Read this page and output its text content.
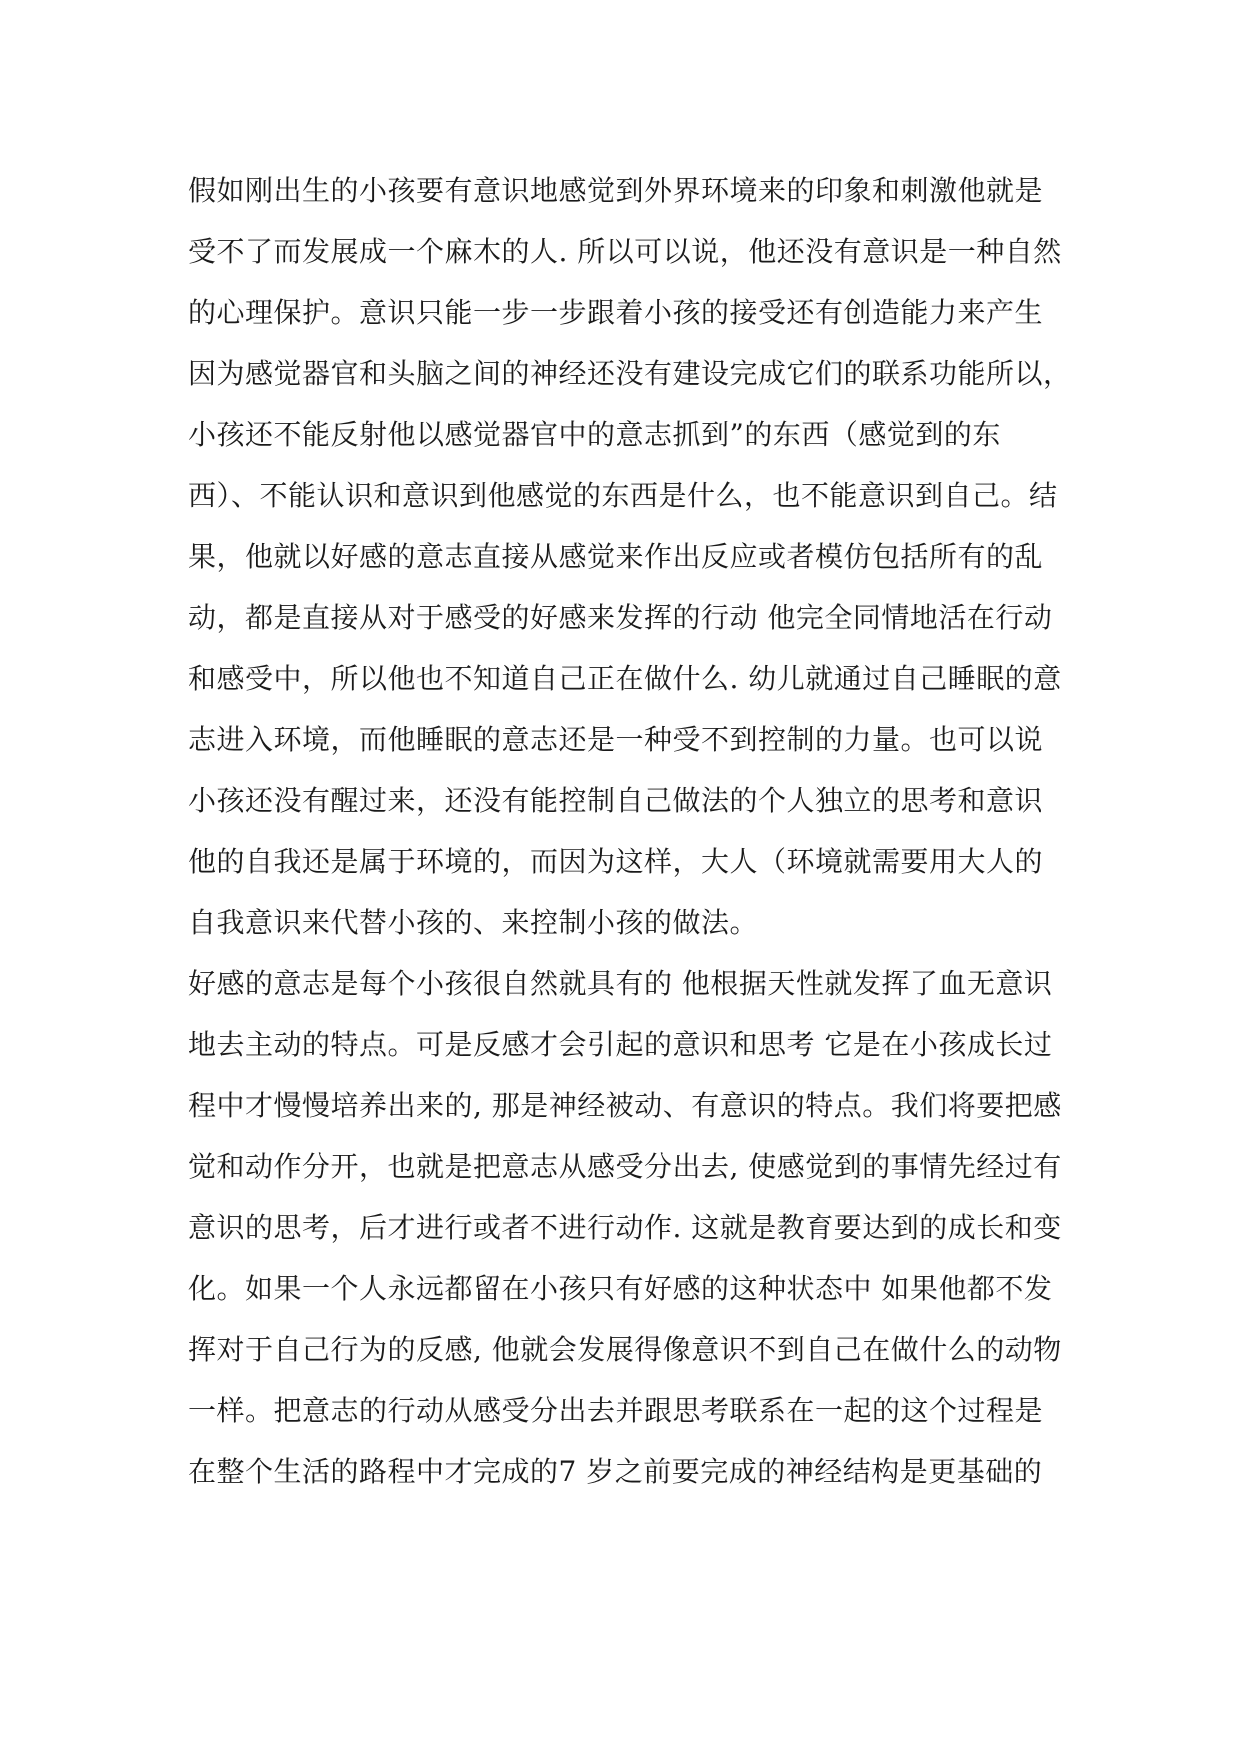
假如刚出生的小孩要有意识地感觉到外界环境来的印象和刺激他就是
受不了而发展成一个麻木的人. 所以可以说，他还没有意识是一种自然
的心理保护。意识只能一步一步跟着小孩的接受还有创造能力来产生
因为感觉器官和头脑之间的神经还没有建设完成它们的联系功能所以，
小孩还不能反射他以感觉器官中的意志抓到”的东西（感觉到的东
西）、不能认识和意识到他感觉的东西是什么，也不能意识到自己。结
果，他就以好感的意志直接从感觉来作出反应或者模仿包括所有的乱
动，都是直接从对于感受的好感来发挥的行动 他完全同情地活在行动
和感受中，所以他也不知道自己正在做什么. 幼儿就通过自己睡眠的意
志进入环境，而他睡眠的意志还是一种受不到控制的力量。也可以说
小孩还没有醒过来，还没有能控制自己做法的个人独立的思考和意识
他的自我还是属于环境的，而因为这样，大人（环境就需要用大人的
自我意识来代替小孩的、来控制小孩的做法。
好感的意志是每个小孩很自然就具有的 他根据天性就发挥了血无意识
地去主动的特点。可是反感才会引起的意识和思考 它是在小孩成长过
程中才慢慢培养出来的, 那是神经被动、有意识的特点。我们将要把感
觉和动作分开，也就是把意志从感受分出去, 使感觉到的事情先经过有
意识的思考，后才进行或者不进行动作. 这就是教育要达到的成长和变
化。如果一个人永远都留在小孩只有好感的这种状态中 如果他都不发
挥对于自己行为的反感, 他就会发展得像意识不到自己在做什么的动物
一样。把意志的行动从感受分出去并跟思考联系在一起的这个过程是
在整个生活的路程中才完成的7 岁之前要完成的神经结构是更基础的
